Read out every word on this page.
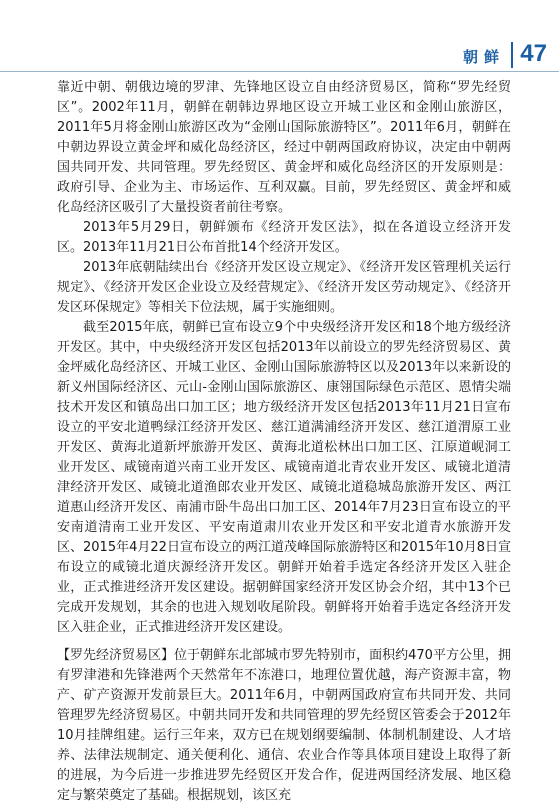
朝鲜 47

靠近中朝、朝俄边境的罗津、先锋地区设立自由经济贸易区，简称“罗先经贸区”。2002年11月，朝鲜在朝韩边界地区设立开城工业区和金刚山旅游区，2011年5月将金刚山旅游区改为“金刚山国际旅游特区”。2011年6月，朝鲜在中朝边界设立黄金坪和威化岛经济区，经过中朝两国政府协议，决定由中朝两国共同开发、共同管理。罗先经贸区、黄金坪和威化岛经济区的开发原则是：政府引导、企业为主、市场运作、互利双赢。目前，罗先经贸区、黄金坪和威化岛经济区吸引了大量投资者前往考察。

2013年5月29日，朝鲜颁布《经济开发区法》，拟在各道设立经济开发区。2013年11月21日公布首批14个经济开发区。

2013年底朝陆续出台《经济开发区设立规定》、《经济开发区管理机关运行规定》、《经济开发区企业设立及经营规定》、《经济开发区劳动规定》、《经济开发区环保规定》等相关下位法规，属于实施细则。

截至2015年底，朝鲜已宣布设立9个中央级经济开发区和18个地方级经济开发区。其中，中央级经济开发区包括2013年以前设立的罗先经济贸易区、黄金坪威化岛经济区、开城工业区、金刚山国际旅游特区以及2013年以来新设的新义州国际经济区、元山-金刚山国际旅游区、康翎国际绿色示范区、恩情尖端技术开发区和镇岛出口加工区；地方级经济开发区包括2013年11月21日宣布设立的平安北道鸭绿江经济开发区、慈江道满浦经济开发区、慈江道渭原工业开发区、黄海北道新坪旅游开发区、黄海北道松林出口加工区、江原道岘洞工业开发区、咸镜南道兴南工业开发区、咸镜南道北青农业开发区、咸镜北道清津经济开发区、咸镜北道渔郎农业开发区、咸镜北道稳城岛旅游开发区、两江道惠山经济开发区、南浦市卧牛岛出口加工区、2014年7月23日宣布设立的平安南道清南工业开发区、平安南道肃川农业开发区和平安北道青水旅游开发区、2015年4月22日宣布设立的两江道茂峰国际旅游特区和2015年10月8日宣布设立的咸镜北道庆源经济开发区。朝鲜开始着手选定各经济开发区入驻企业，正式推进经济开发区建设。据朝鲜国家经济开发区协会介绍，其中13个已完成开发规划，其余的也进入规划收尾阶段。朝鲜将开始着手选定各经济开发区入驻企业，正式推进经济开发区建设。

【罗先经济贸易区】位于朝鲜东北部城市罗先特别市，面积约470平方公里，拥有罗津港和先锋港两个天然常年不冻港口，地理位置优越，海产资源丰富，物产、矿产资源开发前景巨大。2011年6月，中朝两国政府宣布共同开发、共同管理罗先经济贸易区。中朝共同开发和共同管理的罗先经贸区管委会于2012年10月挂牌组建。运行三年来，双方已在规划纲要编制、体制机制建设、人才培养、法律法规制定、通关便利化、通信、农业合作等具体项目建设上取得了新的进展，为今后进一步推进罗先经贸区开发合作，促进两国经济发展、地区稳定与繁荣奠定了基础。根据规划，该区充
